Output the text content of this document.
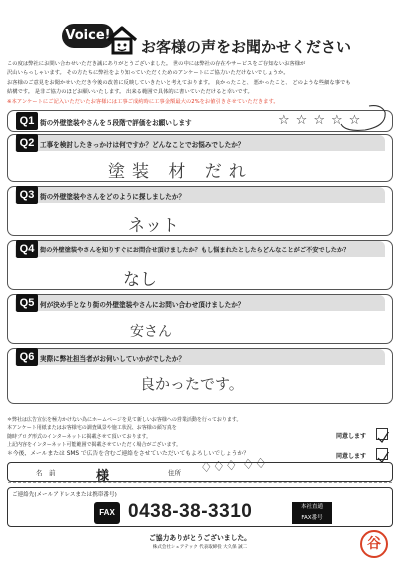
Voice!
お客様の声をお聞かせください
この度は弊社にお問い合わせいただき誠にありがとうございました。 世の中には弊社の存在やサービスをご存知ないお客様が
沢山いらっしゃいます。 その方たちに弊社をより知っていただくためのアンケートにご協力いただけないでしょうか。
お客様のご意見をお聞かせいただき今後の改善に反映していきたいと考えております。 良かったこと、 悪かったこと、 どのような些細な事でも
結構です。 是非ご協力のほどお願いいたします。 出来る範囲で具体的に書いていただけると幸いです。
※本アンケートにご記入いただいたお客様には工事ご成約時に工事金額最大の2%をお値引きさせていただきます。
Q1 街の外壁塗装やさんを５段階で評価をお願いします	☆☆☆☆☆
Q2 工事を検討したきっかけは何ですか？どんなことでお悩みでしたか？
塗装 材 だれ
Q3 街の外壁塗装やさんをどのように探しましたか？
ネット
Q4 街の外壁塗装やさんを知りすぐにお問合せ頂けましたか？もし悩まれたとしたらどんなことがご不安でしたか？
なし
Q5 何が決め手となり街の外壁塗装やさんにお問い合わせ頂けましたか？
安さん
Q6 実際に弊社担当者がお伺いしていかがでしたか？
良かったです。
＊弊社は広告宣伝を極力かけない為にホームページを見て新しいお客様への営業活動を行っております。
本アンケート用紙またはお客様宅の調査風景や施工状況、お客様の顔写真を
随時ブログ形式のインターネットに掲載させて頂いております。
上記内容をインターネット可能範囲で掲載させていただく場合がございます。
同意します
＊今後、メールまたは SMS で広告を含むご連絡をさせていただいてもよろしいでしょうか？	同意します
名　前	様	住所 ♢♢♢ ♢♢
ご連絡先(メールアドレスまたは携帯番号)
FAX 0438-38-3310	本社直通
FAX番号
ご協力ありがとうございました。
株式会社シェアテック 代表取締役 大久保 誠二	谷
